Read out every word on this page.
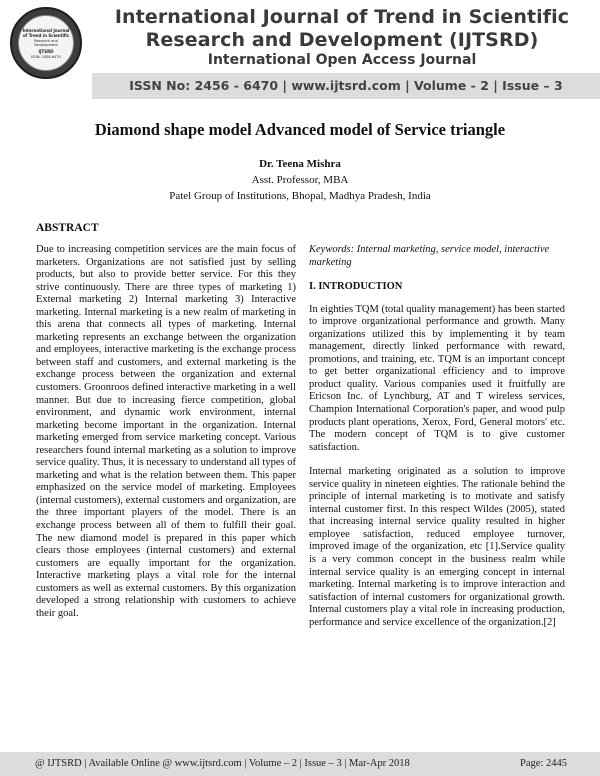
International Journal of Trend in Scientific
Research and Development
IJTSRD
ISSN: 2456-6470
International Journal of Trend in Scientific
Research and Development (IJTSRD)
International Open Access Journal
ISSN No: 2456 - 6470 | www.ijtsrd.com | Volume - 2 | Issue – 3
Diamond shape model Advanced model of Service triangle
Dr. Teena Mishra
Asst. Professor, MBA
Patel Group of Institutions, Bhopal, Madhya Pradesh, India
ABSTRACT

Due to increasing competition services are the main focus of marketers. Organizations are not satisfied just by selling products, but also to provide better service. For this they strive continuously. There are three types of marketing 1) External marketing 2) Internal marketing 3) Interactive marketing. Internal marketing is a new realm of marketing in this arena that connects all types of marketing. Internal marketing represents an exchange between the organization and employees, interactive marketing is the exchange process between staff and customers, and external marketing is the exchange process between the organization and external customers. Groonroos defined interactive marketing in a well manner. But due to increasing fierce competition, global environment, and dynamic work environment, internal marketing become important in the organization. Internal marketing emerged from service marketing concept. Various researchers found internal marketing as a solution to improve service quality. Thus, it is necessary to understand all types of marketing and what is the relation between them. This paper emphasized on the service model of marketing. Employees (internal customers), external customers and organization, are the three important players of the model. There is an exchange process between all of them to fulfill their goal. The new diamond model is prepared in this paper which clears those employees (internal customers) and external customers are equally important for the organization. Interactive marketing plays a vital role for the internal customers as well as external customers. By this organization developed a strong relationship with customers to achieve their goal.

Keywords: Internal marketing, service model, interactive marketing

I. INTRODUCTION

In eighties TQM (total quality management) has been started to improve organizational performance and growth. Many organizations utilized this by implementing it by team management, directly linked performance with reward, promotions, and training, etc. TQM is an important concept to get better organizational efficiency and to improve product quality. Various companies used it fruitfully are Ericson Inc. of Lynchburg, AT and T wireless services, Champion International Corporation's paper, and wood pulp products plant operations, Xerox, Ford, General motors' etc. The modern concept of TQM is to give customer satisfaction.

Internal marketing originated as a solution to improve service quality in nineteen eighties. The rationale behind the principle of internal marketing is to motivate and satisfy internal customer first. In this respect Wildes (2005), stated that increasing internal service quality resulted in higher employee satisfaction, reduced employee turnover, improved image of the organization, etc [1].Service quality is a very common concept in the business realm while internal service quality is an emerging concept in internal marketing. Internal marketing is to improve interaction and satisfaction of internal customers for organizational growth. Internal customers play a vital role in increasing production, performance and service excellence of the organization.[2]

@ IJTSRD | Available Online @ www.ijtsrd.com | Volume – 2 | Issue – 3 | Mar-Apr 2018	Page: 2445
